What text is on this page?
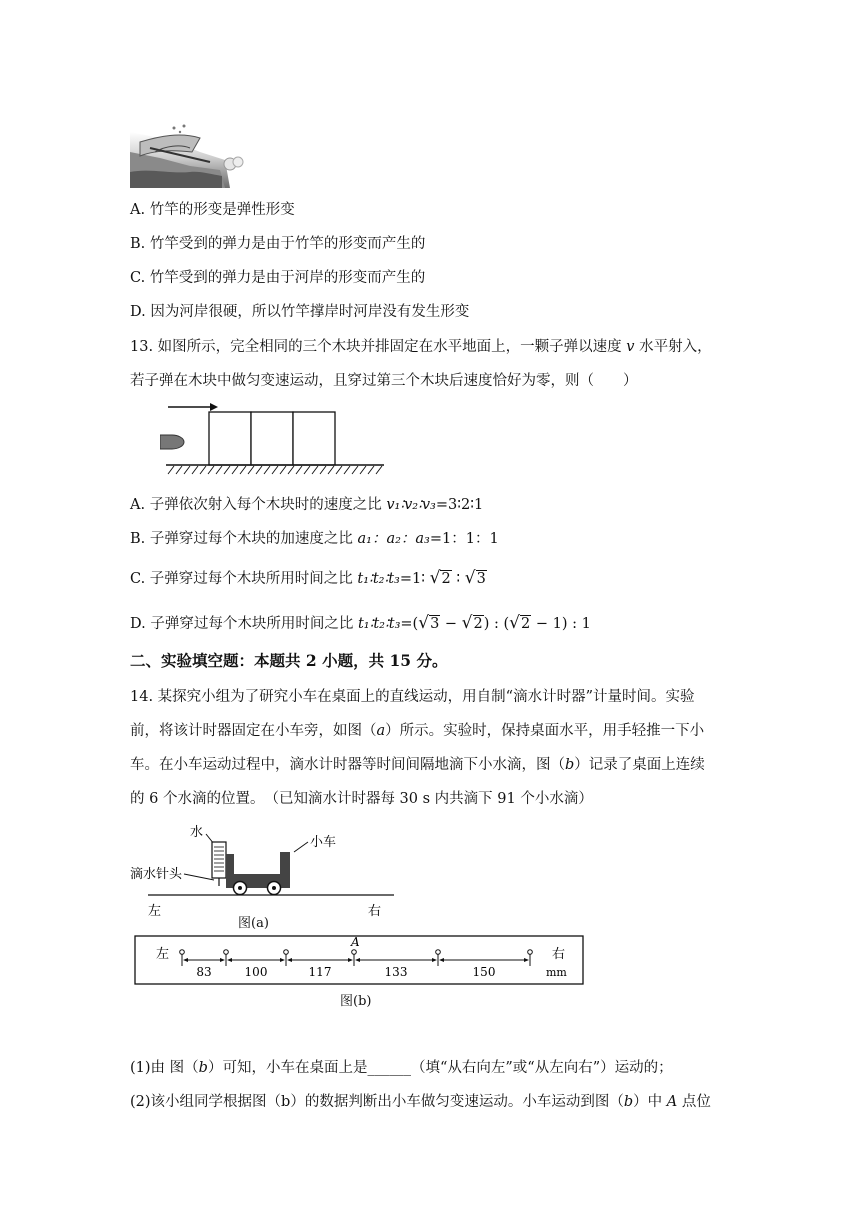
A. 竹竿的形变是弹性形变
B. 竹竿受到的弹力是由于竹竿的形变而产生的
C. 竹竿受到的弹力是由于河岸的形变而产生的
D. 因为河岸很硬，所以竹竿撑岸时河岸没有发生形变
13. 如图所示，完全相同的三个木块并排固定在水平地面上，一颗子弹以速度 v 水平射入，
若子弹在木块中做匀变速运动，且穿过第三个木块后速度恰好为零，则（　　）
A. 子弹依次射入每个木块时的速度之比 v₁∶v₂∶v₃=3∶2∶1
B. 子弹穿过每个木块的加速度之比 a₁：a₂：a₃=1：1：1
C. 子弹穿过每个木块所用时间之比 t₁∶t₂∶t₃=1∶ √2 ∶ √3
D. 子弹穿过每个木块所用时间之比 t₁∶t₂∶t₃=(√3 − √2) : (√2 − 1) : 1
二、实验填空题：本题共 2 小题，共 15 分。
14. 某探究小组为了研究小车在桌面上的直线运动，用自制“滴水计时器”计量时间。实验
前，将该计时器固定在小车旁，如图（a）所示。实验时，保持桌面水平，用手轻推一下小
车。在小车运动过程中，滴水计时器等时间间隔地滴下小水滴，图（b）记录了桌面上连续
的 6 个水滴的位置。　（已知滴水计时器每 30 s 内共滴下 91 个小水滴）
水
小车
滴水针头
左	右
图(a)
左	右
mm
A
83	100	117	133	150
图(b)
(1)由 图（b）可知，小车在桌面上是______（填“从右向左”或“从左向右”）运动的；
(2)该小组同学根据图（b）的数据判断出小车做匀变速运动。小车运动到图（b）中 A 点位
